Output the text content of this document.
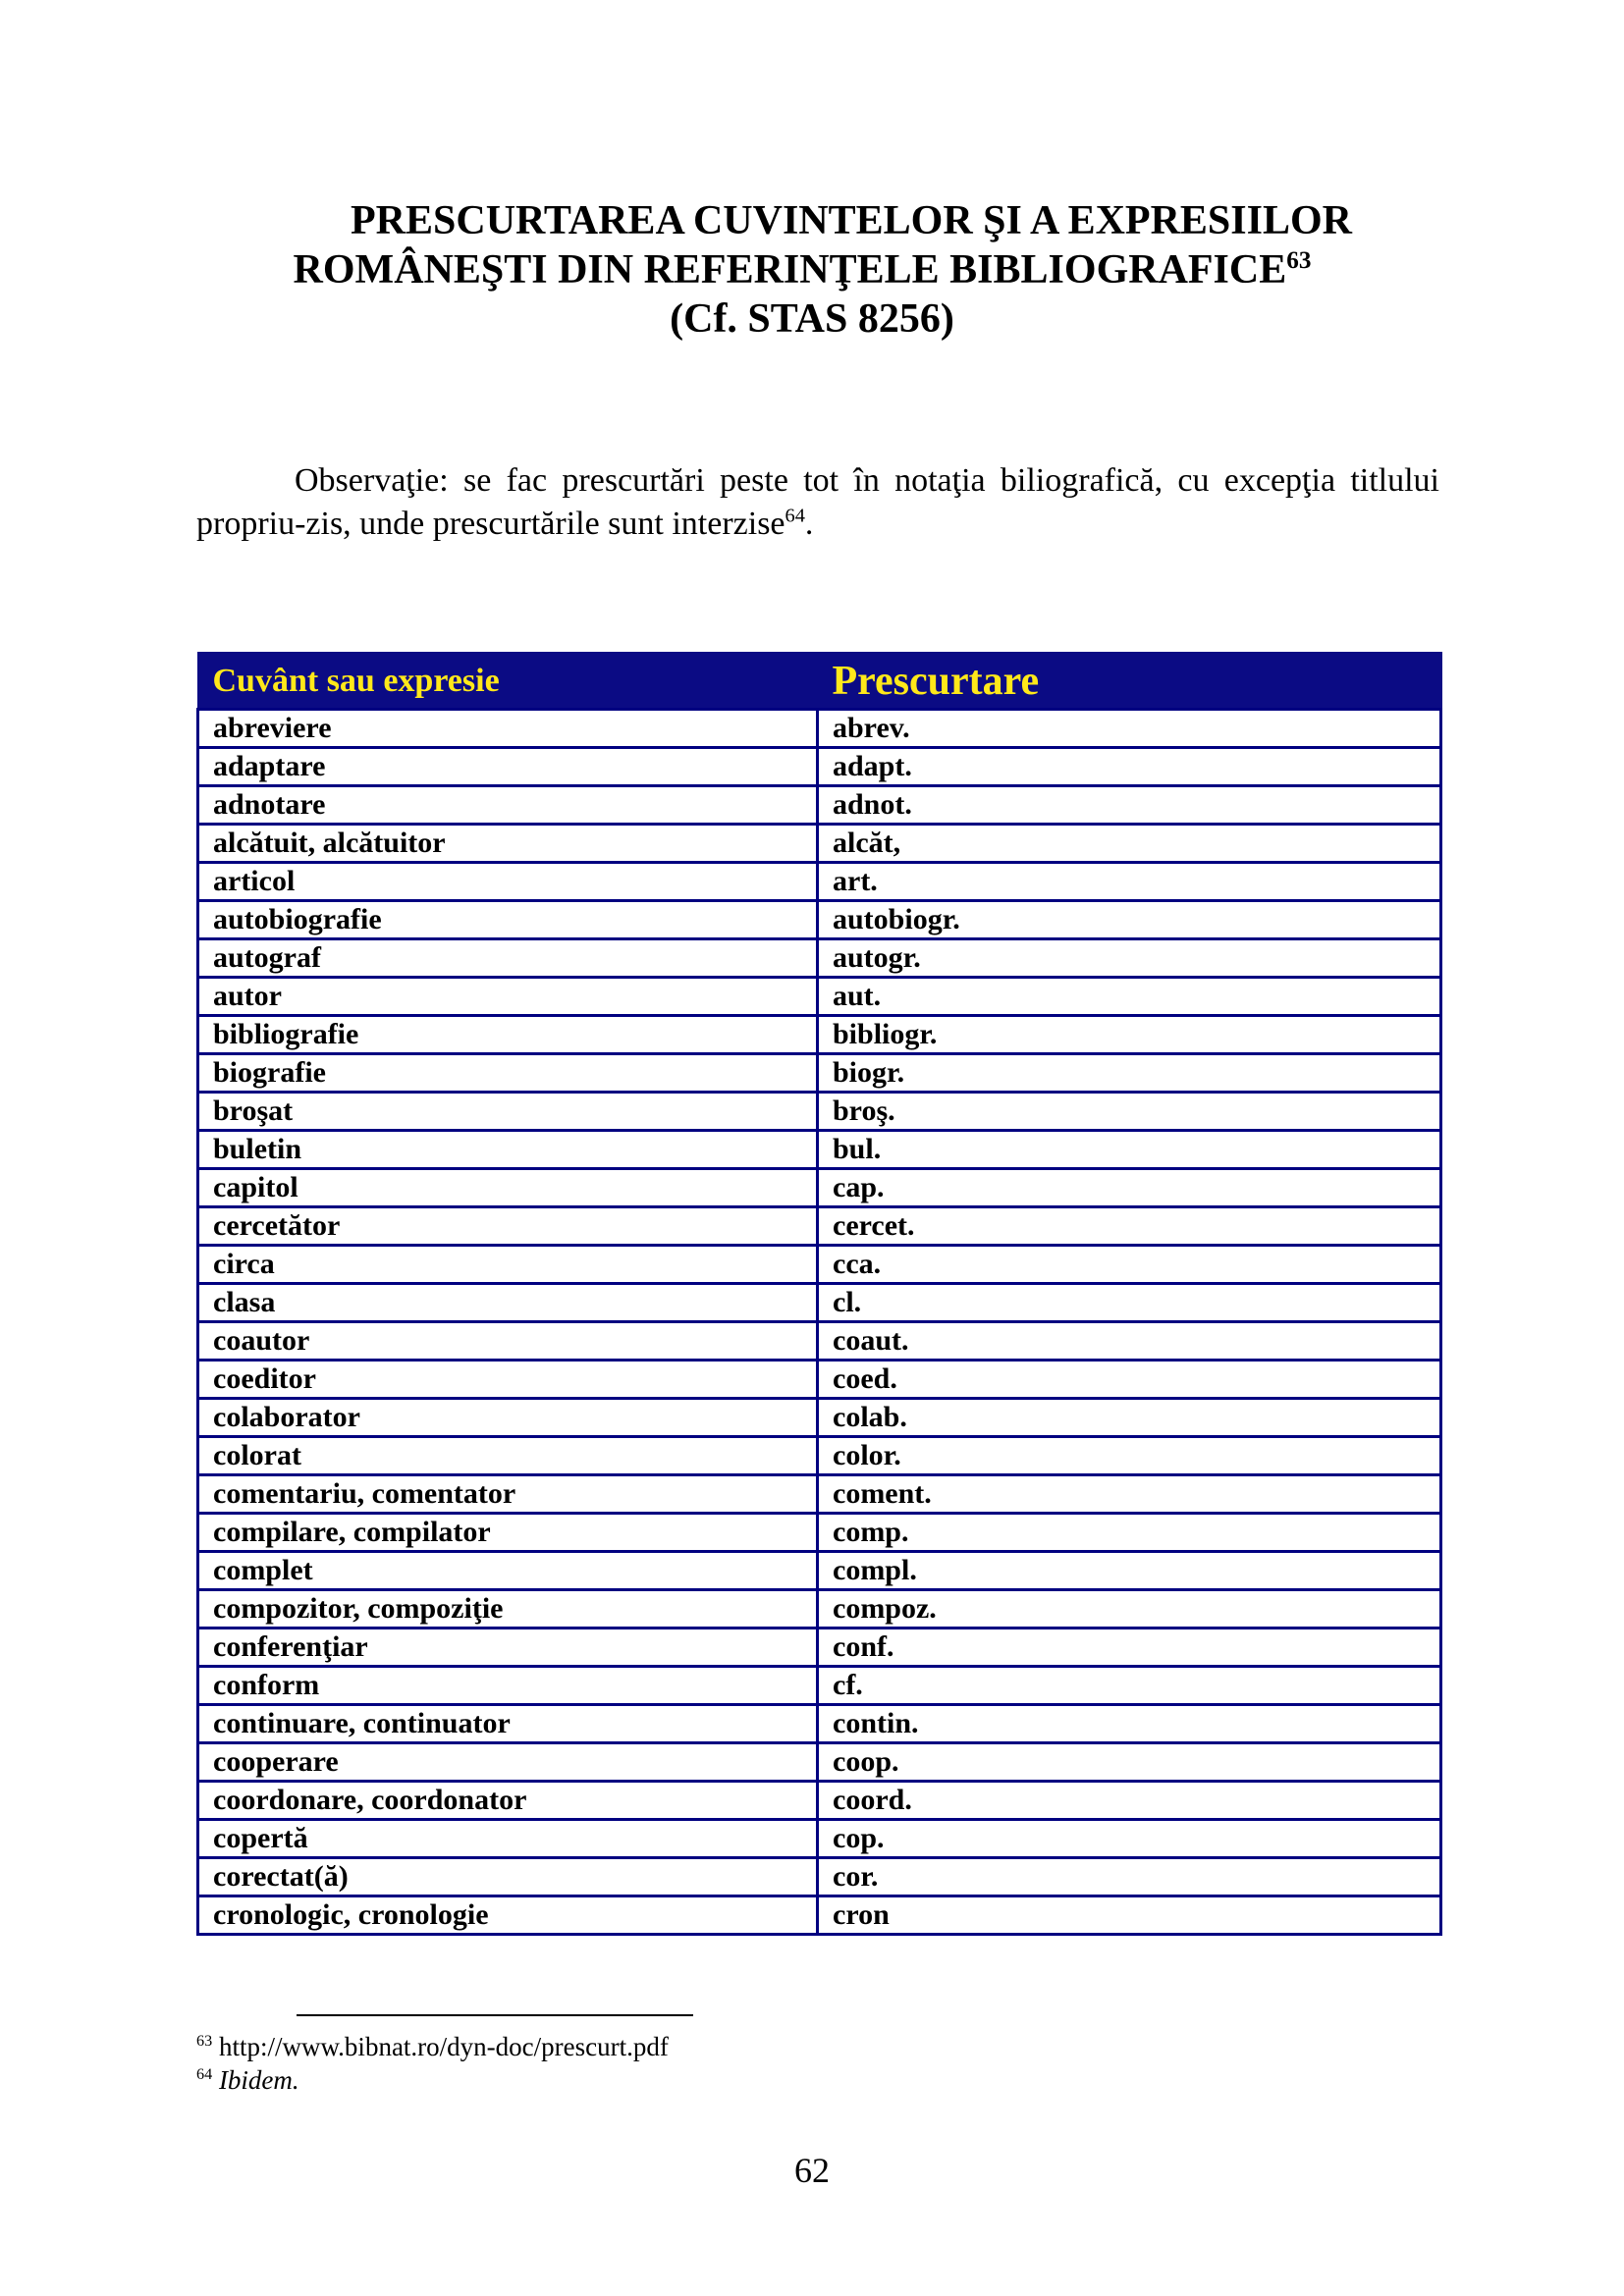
PRESCURTAREA CUVINTELOR ŞI A EXPRESIILOR
ROMÂNEŞTI DIN REFERINŢELE BIBLIOGRAFICE$^{63}$
(Cf. STAS 8256)

Observaţie: se fac prescurtări peste tot în notaţia biliografică, cu excepţia titlului propriu-zis, unde prescurtările sunt interzise$^{64}$.

Cuvânt sau expresie	Prescurtare
abreviere	abrev.
adaptare	adapt.
adnotare	adnot.
alcătuit, alcătuitor	alcăt,
articol	art.
autobiografie	autobiogr.
autograf	autogr.
autor	aut.
bibliografie	bibliogr.
biografie	biogr.
broşat	broş.
buletin	bul.
capitol	cap.
cercetător	cercet.
circa	cca.
clasa	cl.
coautor	coaut.
coeditor	coed.
colaborator	colab.
colorat	color.
comentariu, comentator	coment.
compilare, compilator	comp.
complet	compl.
compozitor, compoziţie	compoz.
conferenţiar	conf.
conform	cf.
continuare, continuator	contin.
cooperare	coop.
coordonare, coordonator	coord.
copertă	cop.
corectat(ă)	cor.
cronologic, cronologie	cron
$^{63}$ http://www.bibnat.ro/dyn-doc/prescurt.pdf
$^{64}$ Ibidem.
62
